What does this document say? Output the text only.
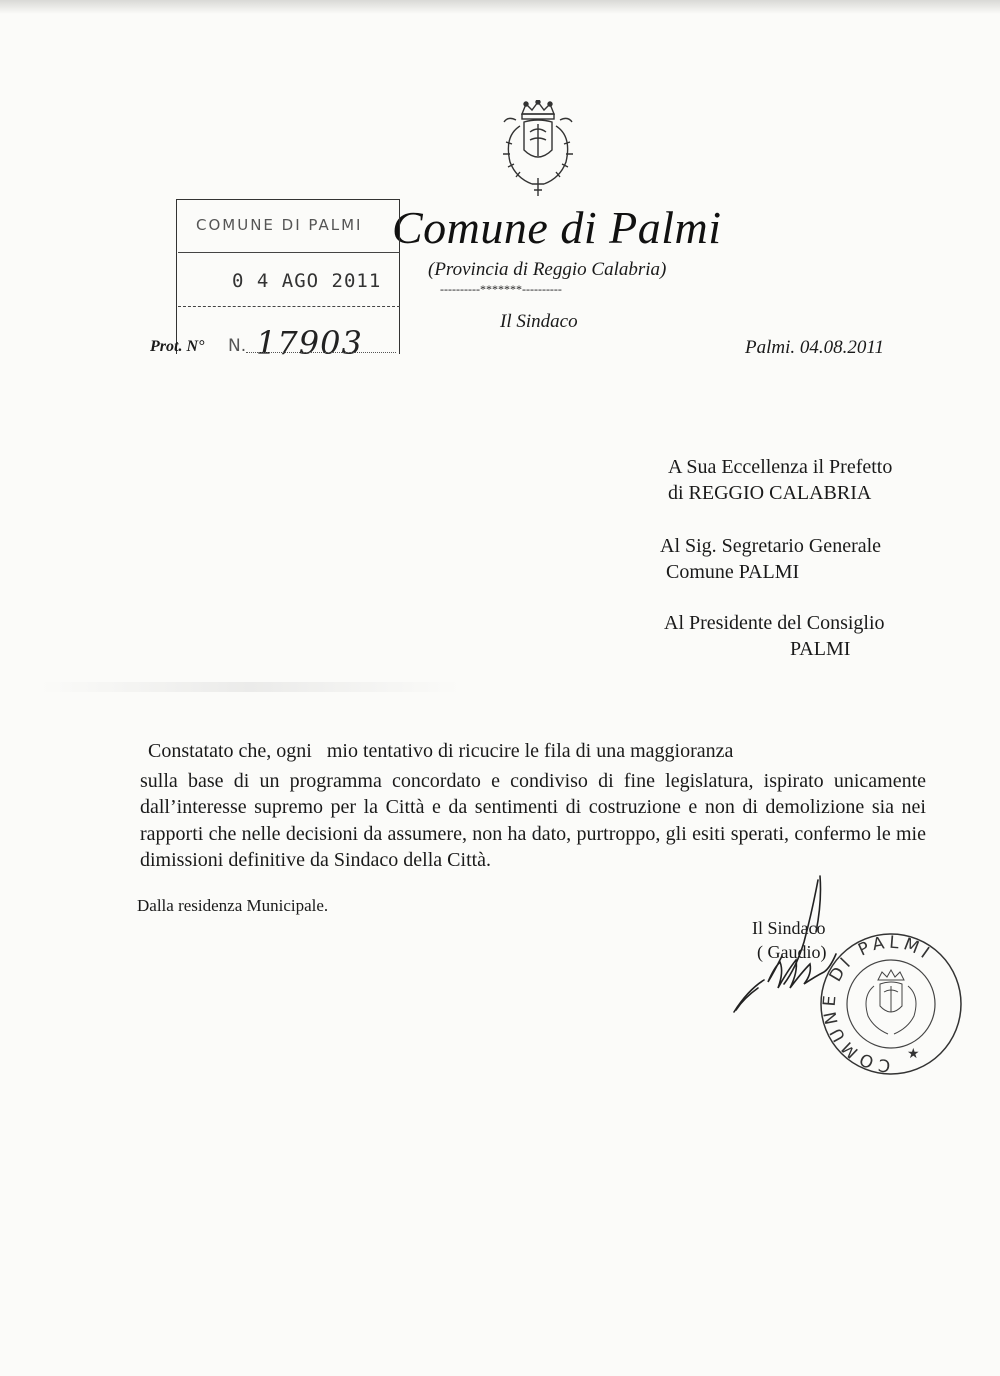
Comune di Palmi
(Provincia di Reggio Calabria)
----------*******----------
Il Sindaco
Palmi. 04.08.2011
COMUNE DI PALMI
0 4 AGO 2011
Prot. N° N. 17903
A Sua Eccellenza il Prefetto
di REGGIO CALABRIA
Al Sig. Segretario Generale
Comune PALMI
Al Presidente del Consiglio
PALMI
Constatato che, ogni   mio tentativo di ricucire le fila di una maggioranza
sulla base di un programma concordato e condiviso di fine legislatura, ispirato unicamente dall’interesse supremo per la Città e da sentimenti di costruzione e non di demolizione sia nei rapporti che nelle decisioni da assumere, non ha dato, purtroppo, gli esiti sperati, confermo le mie dimissioni definitive da Sindaco della Città.
Dalla residenza Municipale.
Il Sindaco
( Gaudio)
COMUNE DI PALMI
★
